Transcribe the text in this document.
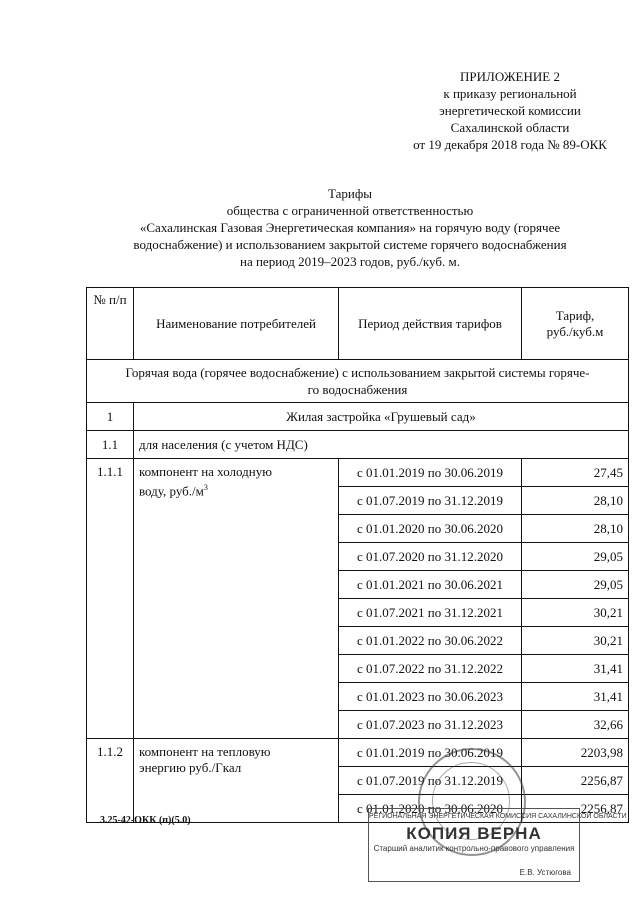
ПРИЛОЖЕНИЕ 2
к приказу региональной
энергетической комиссии
Сахалинской области
от 19 декабря 2018 года № 89-ОКК
Тарифы
общества с ограниченной ответственностью
«Сахалинская Газовая Энергетическая компания» на горячую воду (горячее
водоснабжение) и использованием закрытой системе горячего водоснабжения
на период 2019–2023 годов, руб./куб. м.
№ п/п	Наименование потребителей	Период действия тарифов	Тариф,
руб./куб.м

Горячая вода (горячее водоснабжение) с использованием закрытой системы горяче-
го водоснабжения			

1	Жилая застройка «Грушевый сад»		
1.1	для населения (с учетом НДС)		
1.1.1	компонент на холодную
воду, $руб./м^3$	с 01.01.2019 по 30.06.2019	27,45
		с 01.07.2019 по 31.12.2019	28,10
		с 01.01.2020 по 30.06.2020	28,10
		с 01.07.2020 по 31.12.2020	29,05
		с 01.01.2021 по 30.06.2021	29,05
		с 01.07.2021 по 31.12.2021	30,21
		с 01.01.2022 по 30.06.2022	30,21
		с 01.07.2022 по 31.12.2022	31,41
		с 01.01.2023 по 30.06.2023	31,41
		с 01.07.2023 по 31.12.2023	32,66
1.1.2	компонент на тепловую
энергию руб./Гкал	с 01.01.2019 по 30.06.2019	2203,98
		с 01.07.2019 по 31.12.2019	2256,87
		с 01.01.2020 по 30.06.2020	2256,87
3.25-42-ОКК (п)(5.0)	РЕГИОНАЛЬНАЯ ЭНЕРГЕТИЧЕСКАЯ КОМИССИЯ САХАЛИНСКОЙ ОБЛАСТИ
КОПИЯ ВЕРНА
Старший аналитик контрольно-правового управления
Е.В. Устюгова
